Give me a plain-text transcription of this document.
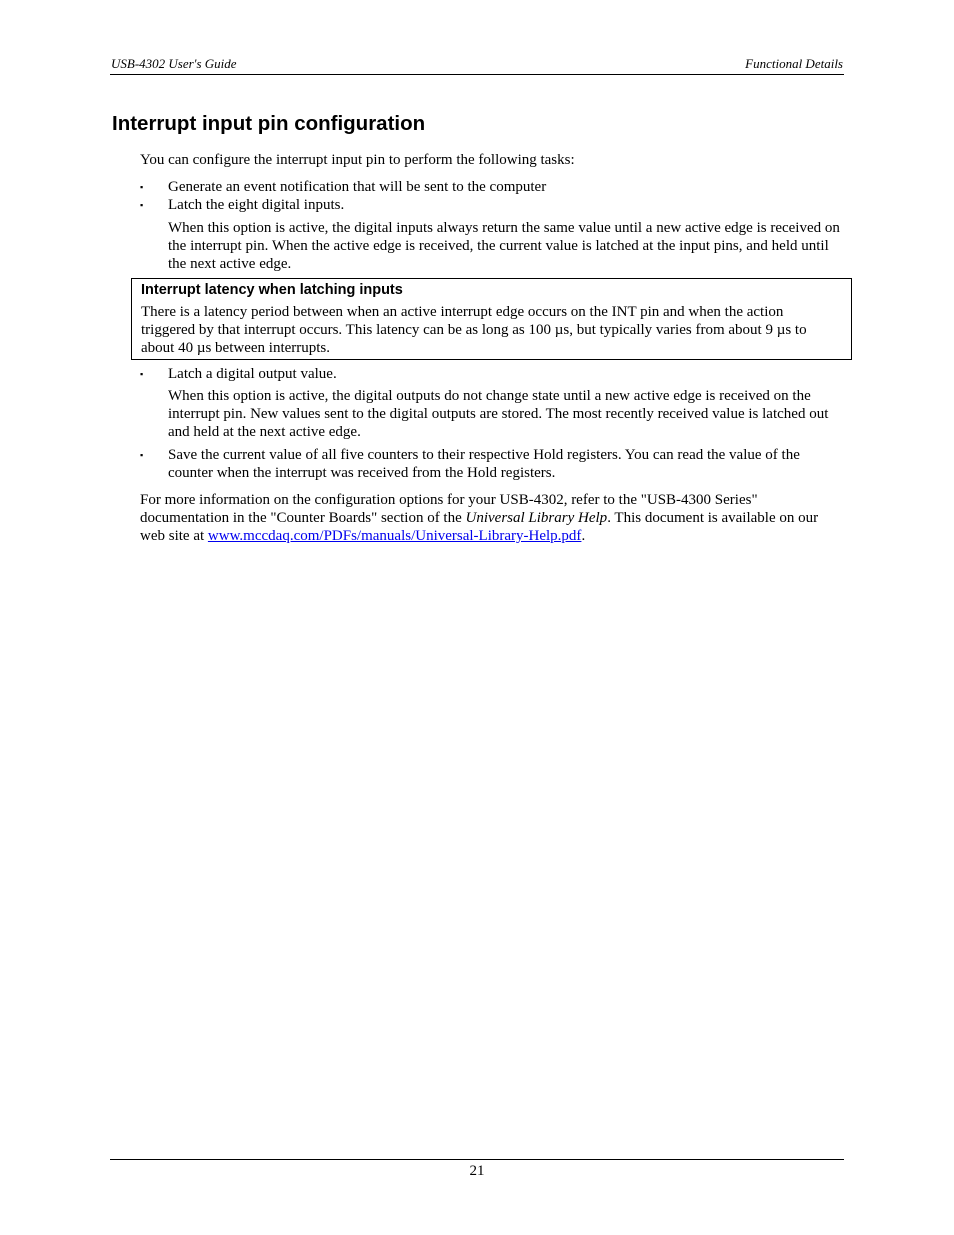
USB-4302 User's Guide	Functional Details
Interrupt input pin configuration
You can configure the interrupt input pin to perform the following tasks:
▪ Generate an event notification that will be sent to the computer
▪ Latch the eight digital inputs.
When this option is active, the digital inputs always return the same value until a new active edge is received on the interrupt pin. When the active edge is received, the current value is latched at the input pins, and held until the next active edge.
Interrupt latency when latching inputs
There is a latency period between when an active interrupt edge occurs on the INT pin and when the action triggered by that interrupt occurs. This latency can be as long as 100 µs, but typically varies from about 9 µs to about 40 µs between interrupts.
▪ Latch a digital output value.
When this option is active, the digital outputs do not change state until a new active edge is received on the interrupt pin. New values sent to the digital outputs are stored. The most recently received value is latched out and held at the next active edge.
▪ Save the current value of all five counters to their respective Hold registers. You can read the value of the counter when the interrupt was received from the Hold registers.
For more information on the configuration options for your USB-4302, refer to the "USB-4300 Series" documentation in the "Counter Boards" section of the Universal Library Help. This document is available on our web site at www.mccdaq.com/PDFs/manuals/Universal-Library-Help.pdf.
21
